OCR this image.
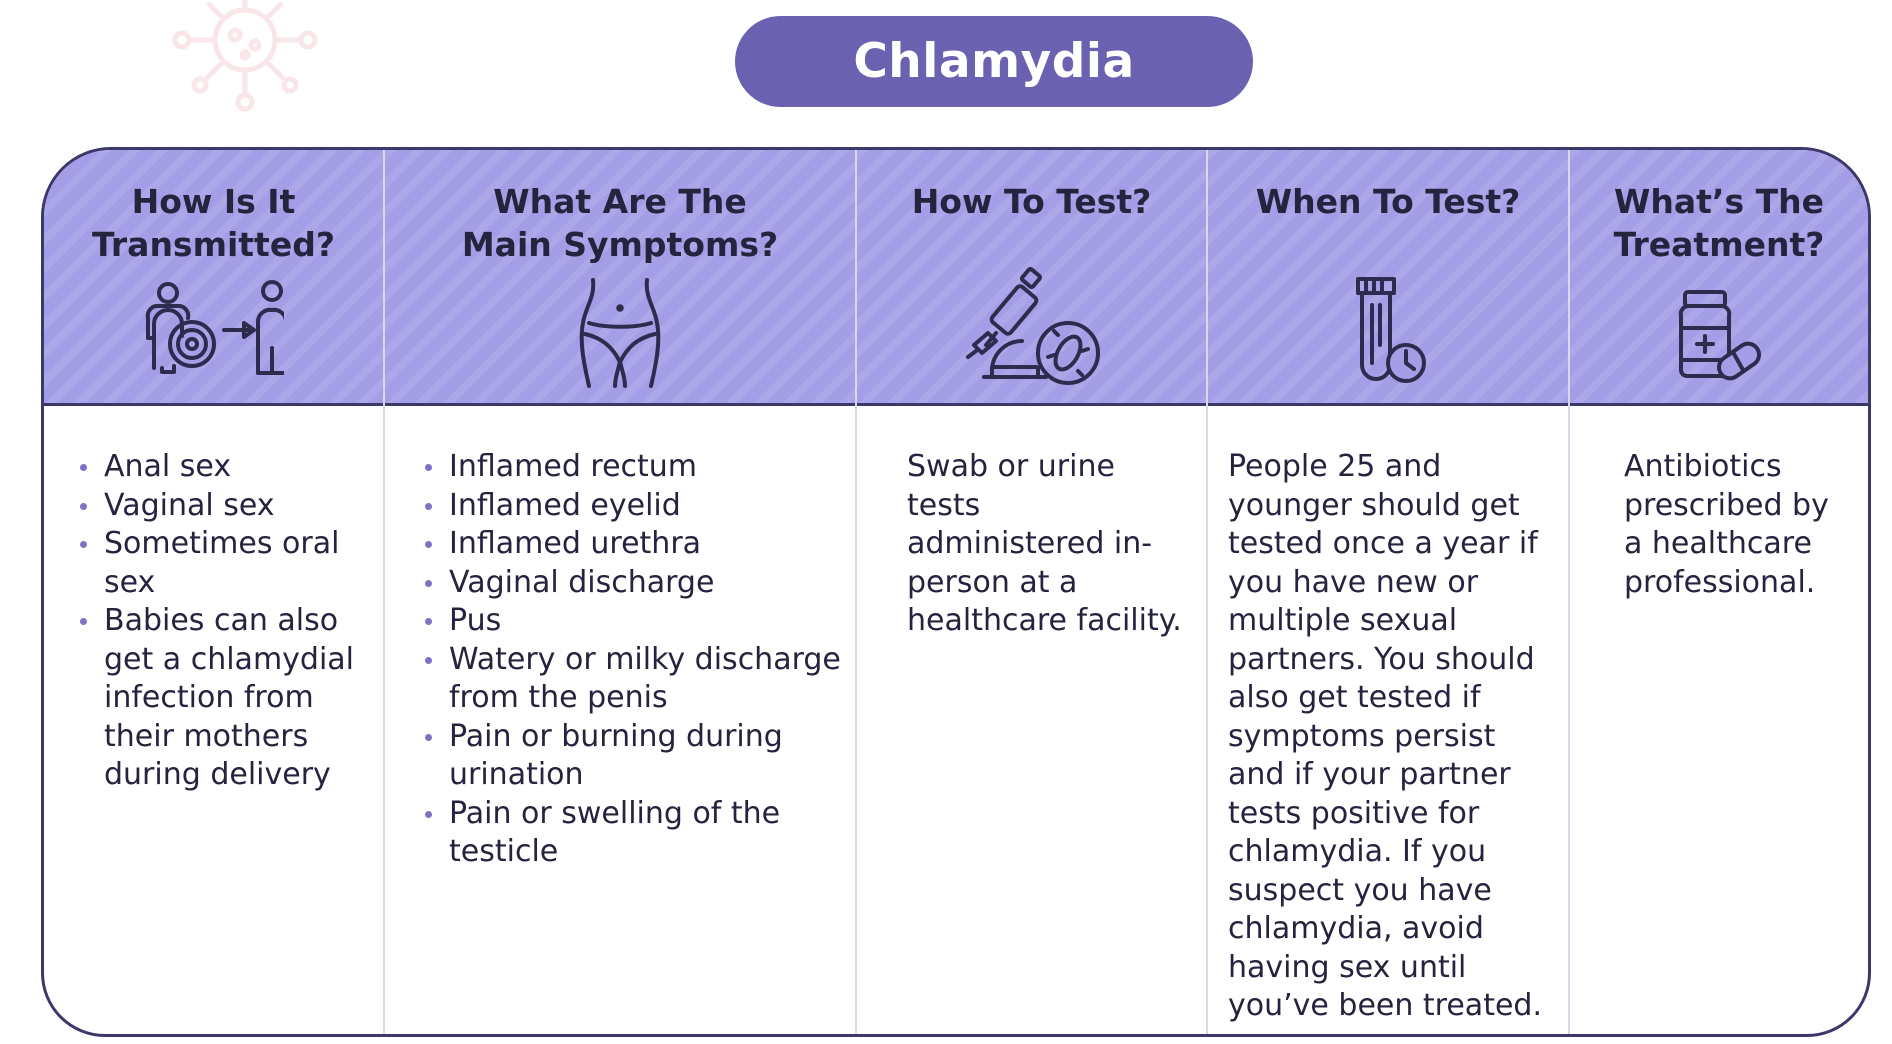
Chlamydia
How Is It
Transmitted?
Anal sex
Vaginal sex
Sometimes oral sex
Babies can also get a chlamydial infection from their mothers during delivery
What Are The
Main Symptoms?
Inflamed rectum
Inflamed eyelid
Inflamed urethra
Vaginal discharge
Pus
Watery or milky discharge from the penis
Pain or burning during urination
Pain or swelling of the testicle
How To Test?

Swab or urine tests administered in-person at a healthcare facility.

When To Test?

People 25 and younger should get tested once a year if you have new or multiple sexual partners. You should also get tested if symptoms persist and if your partner tests positive for chlamydia. If you suspect you have chlamydia, avoid having sex until you’ve been treated.

What’s The
Treatment?

Antibiotics prescribed by a healthcare professional.
